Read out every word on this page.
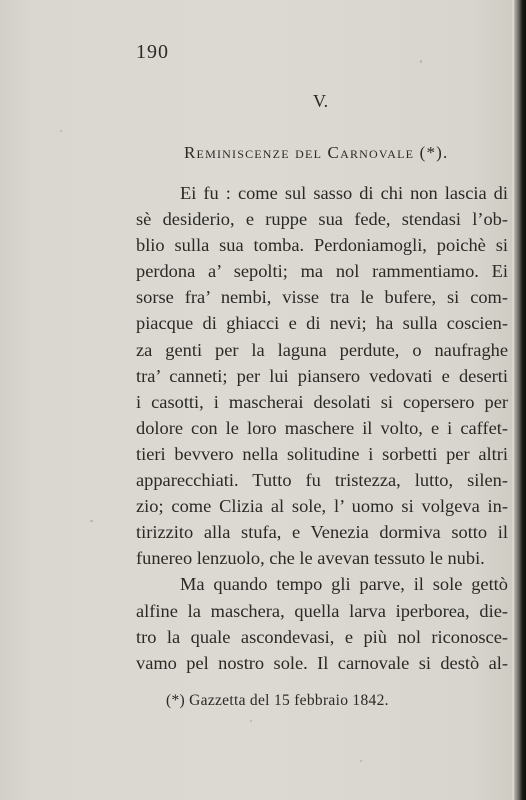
190
V.
Reminiscenze del Carnovale (*).
Ei fu : come sul sasso di chi non lascia di
sè desiderio, e ruppe sua fede, stendasi l’ob-
blio sulla sua tomba. Perdoniamogli, poichè si
perdona a’ sepolti; ma nol rammentiamo. Ei
sorse fra’ nembi, visse tra le bufere, si com-
piacque di ghiacci e di nevi; ha sulla coscien-
za genti per la laguna perdute, o naufraghe
tra’ canneti; per lui piansero vedovati e deserti
i casotti, i mascherai desolati si copersero per
dolore con le loro maschere il volto, e i caffet-
tieri bevvero nella solitudine i sorbetti per altri
apparecchiati. Tutto fu tristezza, lutto, silen-
zio; come Clizia al sole, l’ uomo si volgeva in-
tirizzito alla stufa, e Venezia dormiva sotto il
funereo lenzuolo, che le avevan tessuto le nubi.
Ma quando tempo gli parve, il sole gettò
alfine la maschera, quella larva iperborea, die-
tro la quale ascondevasi, e più nol riconosce-
vamo pel nostro sole. Il carnovale si destò al-
(*) Gazzetta del 15 febbraio 1842.
